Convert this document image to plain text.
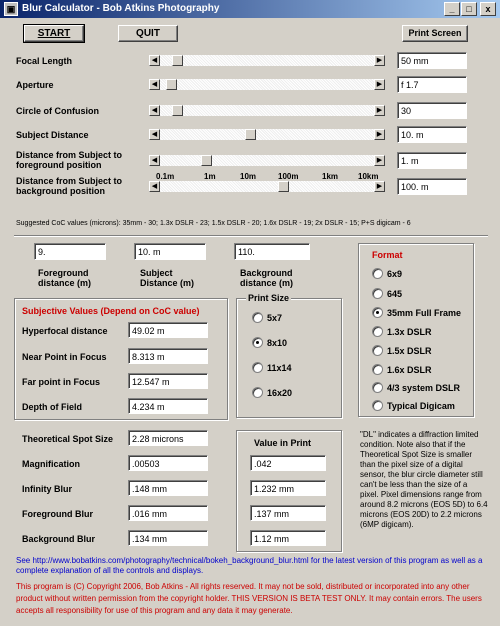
▣ Blur Calculator - Bob Atkins Photography	_	□	x
START	QUIT	Print Screen
Focal Length	◀	▶	50 mm
Aperture	◀	▶	f 1.7
Circle of Confusion	◀	▶	30
Subject Distance	◀	▶	10. m
Distance from Subject to foreground position	◀	▶	1. m
Distance from Subject to background position	◀	▶	100. m
0.1m	1m	10m	100m	1km 10km
Suggested CoC values (microns): 35mm - 30; 1.3x DSLR - 23; 1.5x DSLR - 20; 1.6x DSLR - 19; 2x DSLR - 15; P+S digicam - 6
9.
Foreground distance (m)
10. m
Subject Distance (m)
110.
Background distance (m)
Subjective Values (Depend on CoC value)
Hyperfocal distance	49.02 m
Near Point in Focus	8.313 m
Far point in Focus	12.547 m
Depth of Field	4.234 m
Print Size
5x7
8x10
11x14
16x20
Format
6x9
645
35mm Full Frame
1.3x DSLR
1.5x DSLR
1.6x DSLR
4/3 system DSLR
Typical Digicam
Value in Print
Theoretical Spot Size	2.28 microns
Magnification	.00503	.042
Infinity Blur	.148 mm	1.232 mm
Foreground Blur	.016 mm	.137 mm
Background Blur	.134 mm	1.12 mm
"DL" indicates a diffraction limited condition. Note also that if the Theoretical Spot Size is smaller than the pixel size of a digital sensor, the blur circle diameter still can't be less than the size of a pixel. Pixel dimensions range from around 8.2 microns (EOS 5D) to 6.4 microns (EOS 20D) to 2.2 microns (6MP digicam).
See http://www.bobatkins.com/photography/technical/bokeh_background_blur.html for the latest version of this program as well as a complete explanation of all the controls and displays.
This program is (C) Copyright 2006, Bob Atkins - All rights reserved. It may not be sold, distributed or incorporated into any other product without written permission from the copyright holder. THIS VERSION IS BETA TEST ONLY. It may contain errors. The users accepts all responsibility for use of this program and any data it may generate.
